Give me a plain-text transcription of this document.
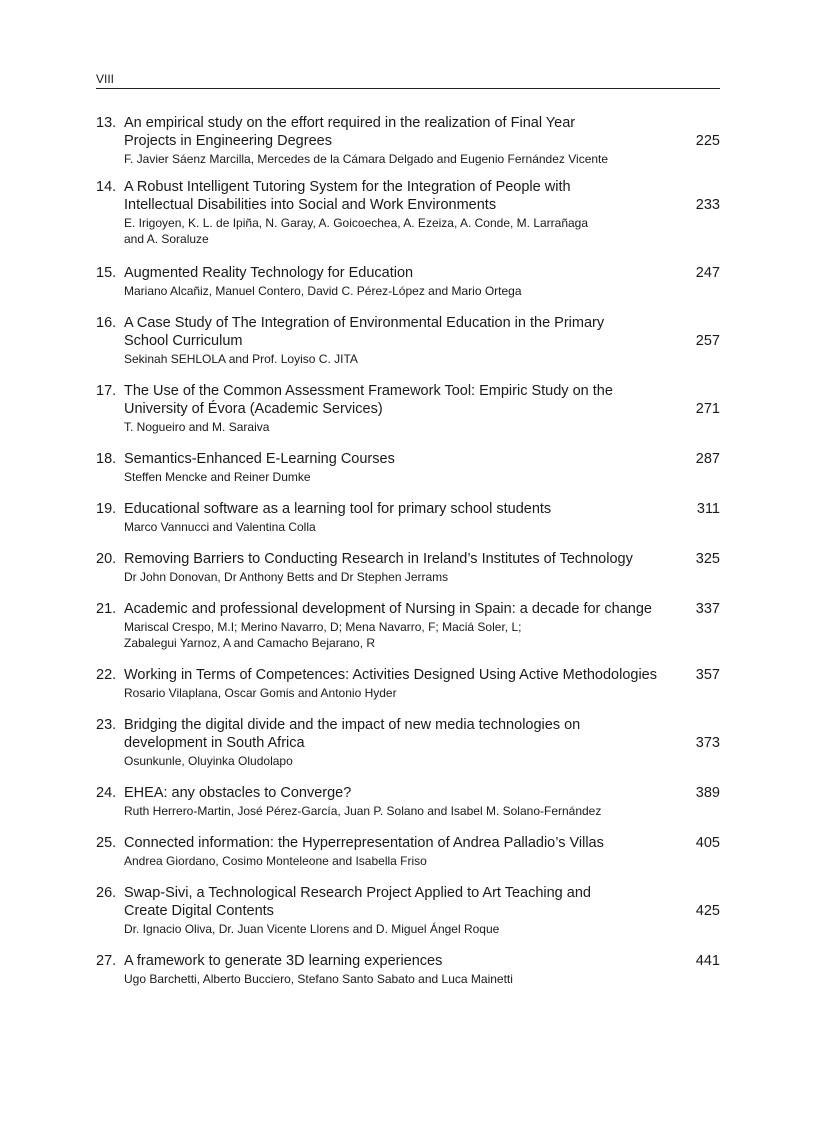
VIII
13. An empirical study on the effort required in the realization of Final Year
Projects in Engineering Degrees
F. Javier Sáenz Marcilla, Mercedes de la Cámara Delgado and Eugenio Fernández Vicente
225
14. A Robust Intelligent Tutoring System for the Integration of People with
Intellectual Disabilities into Social and Work Environments
E. Irigoyen, K. L. de Ipiña, N. Garay, A. Goicoechea, A. Ezeiza, A. Conde, M. Larrañaga
and A. Soraluze
233
15. Augmented Reality Technology for Education
Mariano Alcañiz, Manuel Contero, David C. Pérez-López and Mario Ortega
247
16. A Case Study of The Integration of Environmental Education in the Primary
School Curriculum
Sekinah SEHLOLA and Prof. Loyiso C. JITA
257
17. The Use of the Common Assessment Framework Tool: Empiric Study on the
University of Évora (Academic Services)
T. Nogueiro and M. Saraiva
271
18. Semantics-Enhanced E-Learning Courses
Steffen Mencke and Reiner Dumke
287
19. Educational software as a learning tool for primary school students
Marco Vannucci and Valentina Colla
311
20. Removing Barriers to Conducting Research in Ireland’s Institutes of Technology
Dr John Donovan, Dr Anthony Betts and Dr Stephen Jerrams
325
21. Academic and professional development of Nursing in Spain: a decade for change
Mariscal Crespo, M.I; Merino Navarro, D; Mena Navarro, F; Maciá Soler, L;
Zabalegui Yarnoz, A and Camacho Bejarano, R
337
22. Working in Terms of Competences: Activities Designed Using Active Methodologies
Rosario Vilaplana, Oscar Gomis and Antonio Hyder
357
23. Bridging the digital divide and the impact of new media technologies on
development in South Africa
Osunkunle, Oluyinka Oludolapo
373
24. EHEA: any obstacles to Converge?
Ruth Herrero-Martin, José Pérez-García, Juan P. Solano and Isabel M. Solano-Fernández
389
25. Connected information: the Hyperrepresentation of Andrea Palladio’s Villas
Andrea Giordano, Cosimo Monteleone and Isabella Friso
405
26. Swap-Sivi, a Technological Research Project Applied to Art Teaching and
Create Digital Contents
Dr. Ignacio Oliva, Dr. Juan Vicente Llorens and D. Miguel Ángel Roque
425
27. A framework to generate 3D learning experiences
Ugo Barchetti, Alberto Bucciero, Stefano Santo Sabato and Luca Mainetti
441
